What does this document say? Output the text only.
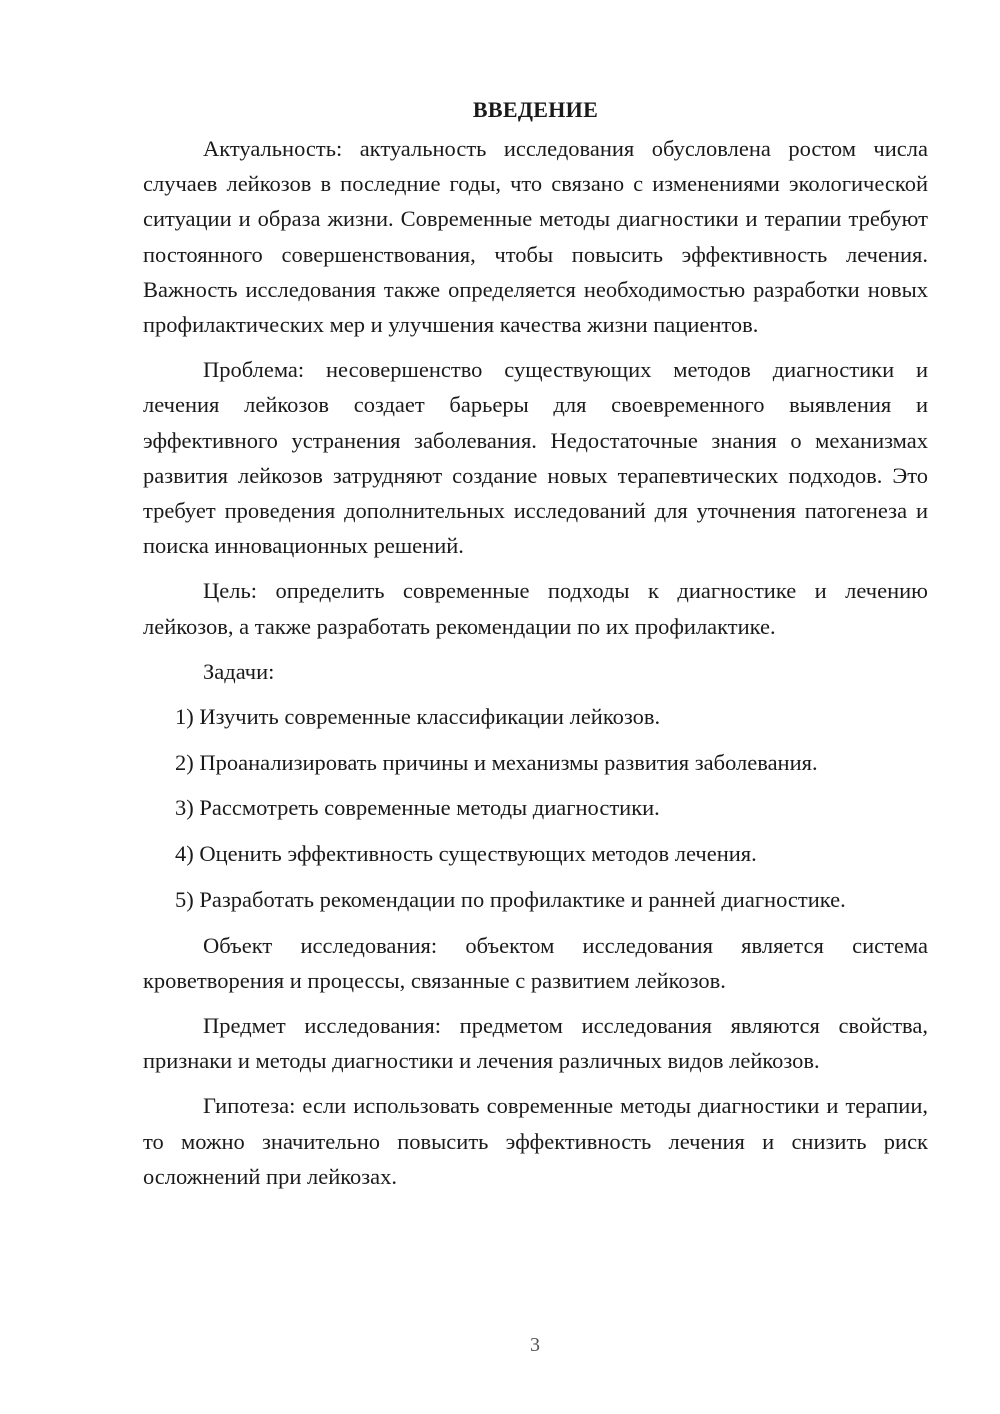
ВВЕДЕНИЕ

Актуальность: актуальность исследования обусловлена ростом числа случаев лейкозов в последние годы, что связано с изменениями экологической ситуации и образа жизни. Современные методы диагностики и терапии требуют постоянного совершенствования, чтобы повысить эффективность лечения. Важность исследования также определяется необходимостью разработки новых профилактических мер и улучшения качества жизни пациентов.

Проблема: несовершенство существующих методов диагностики и лечения лейкозов создает барьеры для своевременного выявления и эффективного устранения заболевания. Недостаточные знания о механизмах развития лейкозов затрудняют создание новых терапевтических подходов. Это требует проведения дополнительных исследований для уточнения патогенеза и поиска инновационных решений.

Цель: определить современные подходы к диагностике и лечению лейкозов, а также разработать рекомендации по их профилактике.

Задачи:

1) Изучить современные классификации лейкозов.
2) Проанализировать причины и механизмы развития заболевания.
3) Рассмотреть современные методы диагностики.
4) Оценить эффективность существующих методов лечения.
5) Разработать рекомендации по профилактике и ранней диагностике.

Объект исследования: объектом исследования является система кроветворения и процессы, связанные с развитием лейкозов.

Предмет исследования: предметом исследования являются свойства, признаки и методы диагностики и лечения различных видов лейкозов.

Гипотеза: если использовать современные методы диагностики и терапии, то можно значительно повысить эффективность лечения и снизить риск осложнений при лейкозах.

3
